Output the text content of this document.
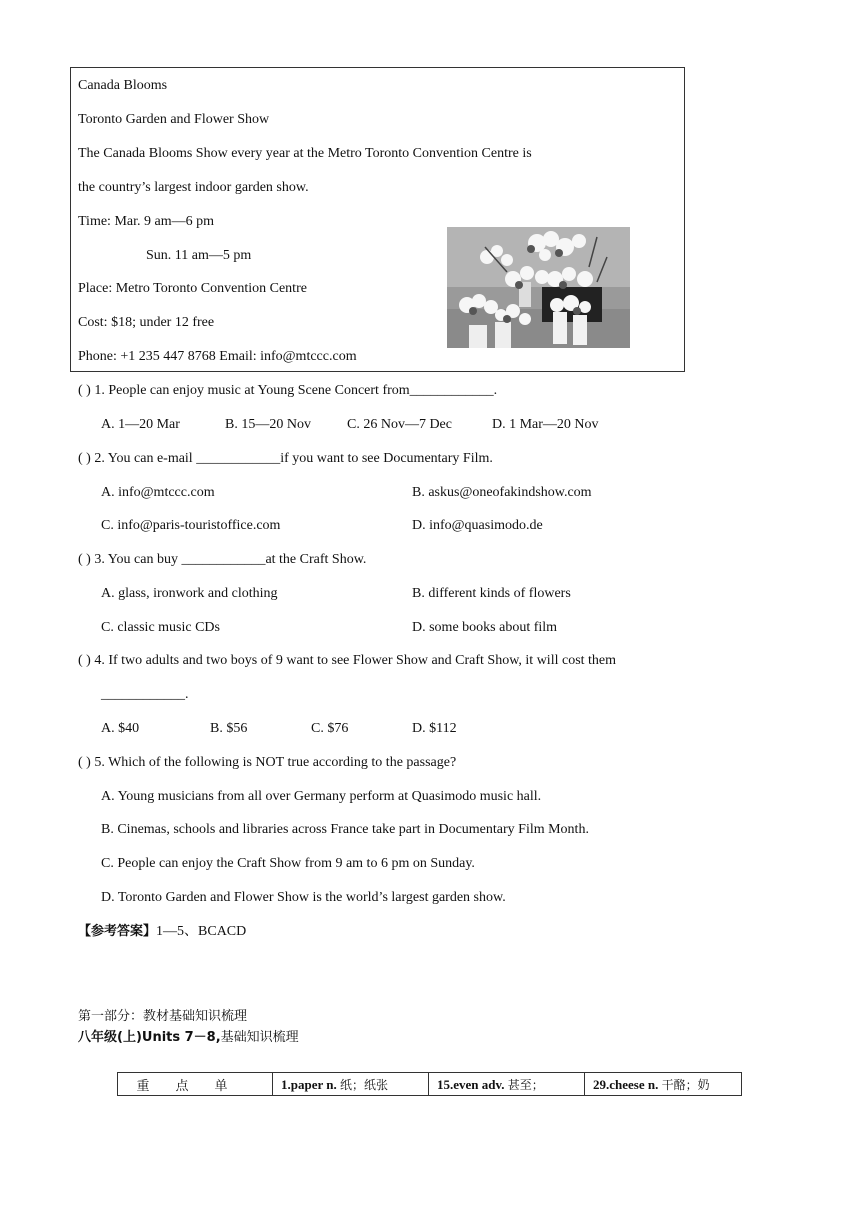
Canada Blooms
Toronto Garden and Flower Show
The Canada Blooms Show every year at the Metro Toronto Convention Centre is
the country’s largest indoor garden show.
Time: Mar. 9 am—6 pm
Sun. 11 am—5 pm
Place: Metro Toronto Convention Centre
Cost: $18; under 12 free
Phone: +1 235 447 8768 Email: info@mtccc.com
( ) 1. People can enjoy music at Young Scene Concert from____________.
A. 1—20 Mar	B. 15—20 Nov	C. 26 Nov—7 Dec	D. 1 Mar—20 Nov
( ) 2. You can e-mail ____________if you want to see Documentary Film.
A. info@mtccc.com	B. askus@oneofakindshow.com
C. info@paris-touristoffice.com	D. info@quasimodo.de
( ) 3. You can buy ____________at the Craft Show.
A. glass, ironwork and clothing	B. different kinds of flowers
C. classic music CDs	D. some books about film
( ) 4. If two adults and two boys of 9 want to see Flower Show and Craft Show, it will cost them
____________.
A. $40	B. $56	C. $76	D. $112
( ) 5. Which of the following is NOT true according to the passage?
A. Young musicians from all over Germany perform at Quasimodo music hall.
B. Cinemas, schools and libraries across France take part in Documentary Film Month.
C. People can enjoy the Craft Show from 9 am to 6 pm on Sunday.
D. Toronto Garden and Flower Show is the world’s largest garden show.
【参考答案】1—5、BCACD
第一部分：教材基础知识梳理
八年级(上)Units 7－8,基础知识梳理
重点单	1.paper n. 纸；纸张	15.even adv. 甚至；	29.cheese n. 干酪；奶
